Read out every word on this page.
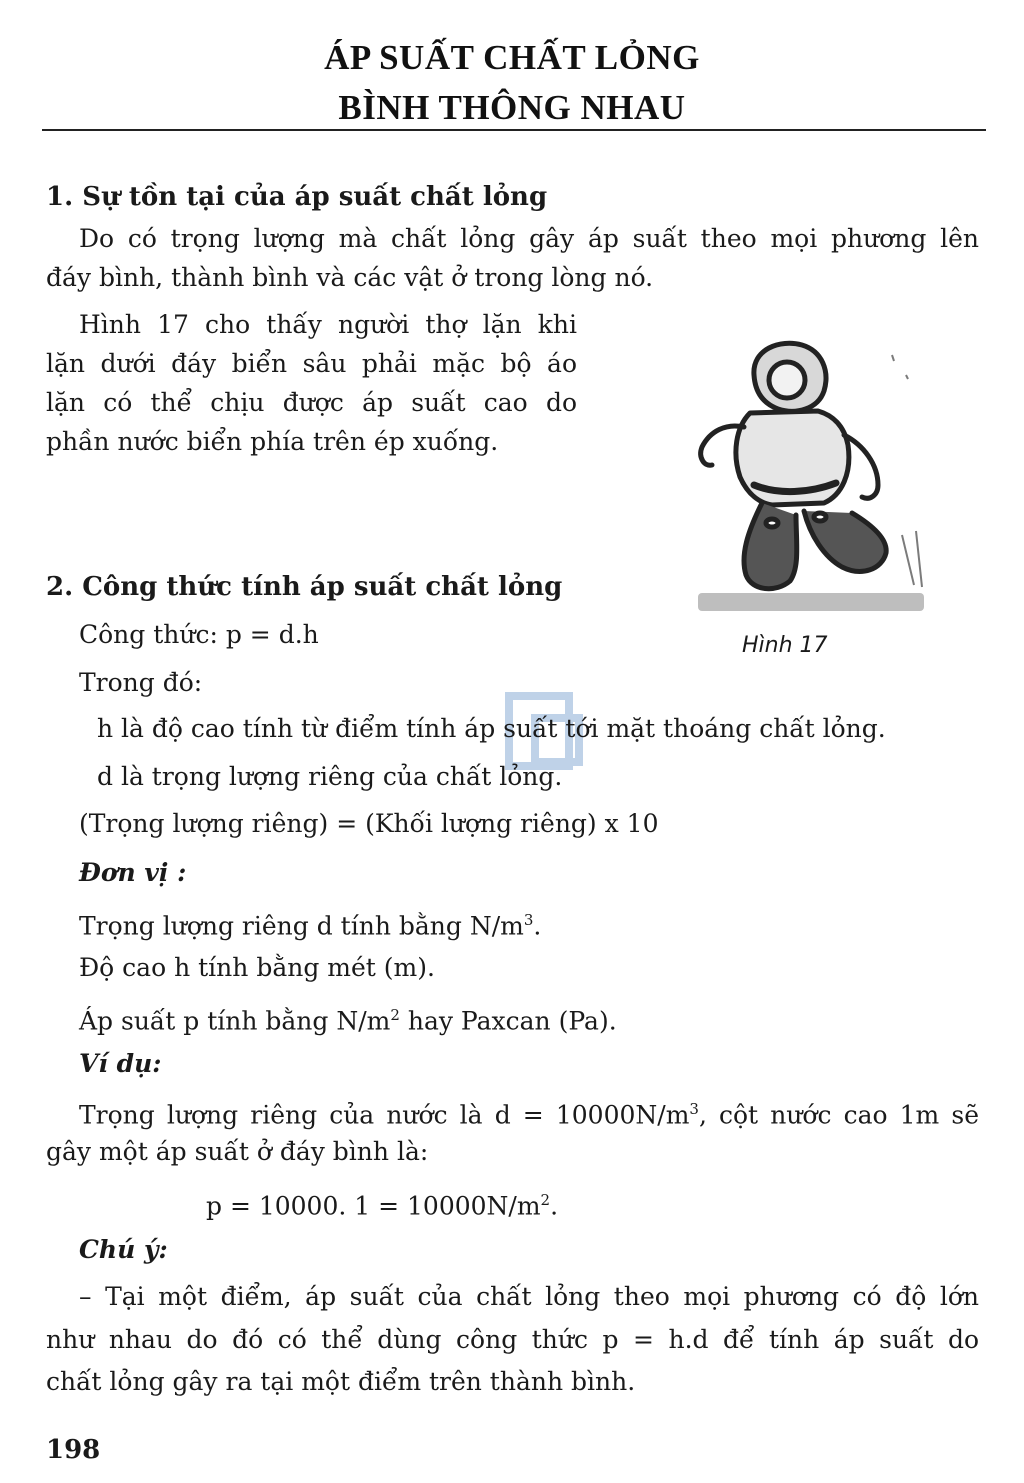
ÁP SUẤT CHẤT LỎNG
BÌNH THÔNG NHAU
1. Sự tồn tại của áp suất chất lỏng
Do có trọng lượng mà chất lỏng gây áp suất theo mọi phương lên
đáy bình, thành bình và các vật ở trong lòng nó.
Hình 17 cho thấy người thợ lặn khi
lặn dưới đáy biển sâu phải mặc bộ áo
lặn có thể chịu được áp suất cao do
phần nước biển phía trên ép xuống.
Hình 17
2. Công thức tính áp suất chất lỏng
Công thức: p = d.h
Trong đó:
h là độ cao tính từ điểm tính áp suất tới mặt thoáng chất lỏng.
d là trọng lượng riêng của chất lỏng.
(Trọng lượng riêng) = (Khối lượng riêng) x 10
Đơn vị :
Trọng lượng riêng d tính bằng $N/m^3$.
Độ cao h tính bằng mét (m).
Áp suất p tính bằng $N/m^2$ hay Paxcan (Pa).
Ví dụ:
Trọng lượng riêng của nước là $d = 10000N/m^3$, cột nước cao 1m sẽ
gây một áp suất ở đáy bình là:
p = 10000. $1 = 10000N/m^2$.
Chú ý:
– Tại một điểm, áp suất của chất lỏng theo mọi phương có độ lớn
như nhau do đó có thể dùng công thức p = h.d để tính áp suất do
chất lỏng gây ra tại một điểm trên thành bình.
198
